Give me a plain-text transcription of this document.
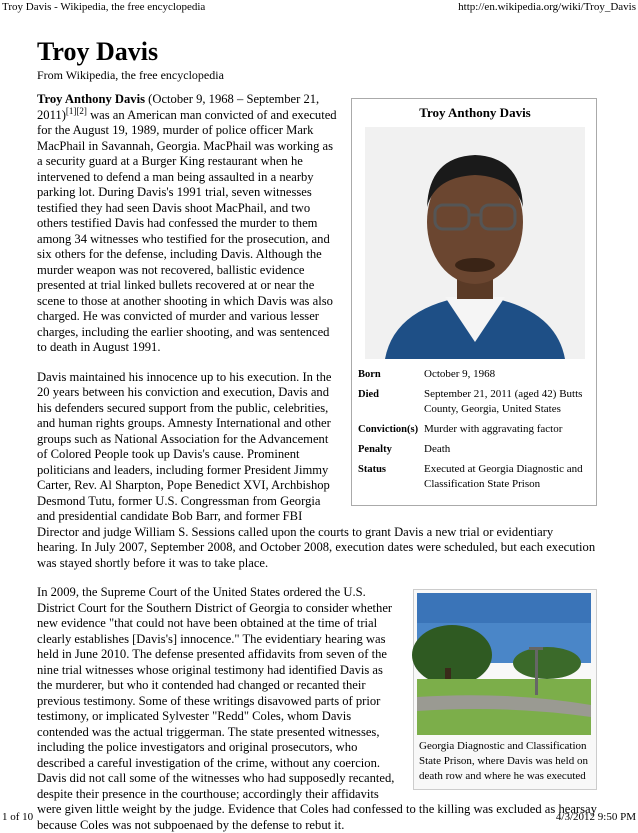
Troy Davis - Wikipedia, the free encyclopedia	http://en.wikipedia.org/wiki/Troy_Davis
Troy Davis
From Wikipedia, the free encyclopedia
Troy Anthony Davis
Born	October 9, 1968
Died	September 21, 2011 (aged 42) Butts County, Georgia, United States
Conviction(s) Murder with aggravating factor
Penalty	Death
Status	Executed at Georgia Diagnostic and Classification State Prison

Troy Anthony Davis (October 9, 1968 – September 21, 2011)[1][2] was an American man convicted of and executed for the August 19, 1989, murder of police officer Mark MacPhail in Savannah, Georgia. MacPhail was working as a security guard at a Burger King restaurant when he intervened to defend a man being assaulted in a nearby parking lot. During Davis's 1991 trial, seven witnesses testified they had seen Davis shoot MacPhail, and two others testified Davis had confessed the murder to them among 34 witnesses who testified for the prosecution, and six others for the defense, including Davis. Although the murder weapon was not recovered, ballistic evidence presented at trial linked bullets recovered at or near the scene to those at another shooting in which Davis was also charged. He was convicted of murder and various lesser charges, including the earlier shooting, and was sentenced to death in August 1991.

Davis maintained his innocence up to his execution. In the 20 years between his conviction and execution, Davis and his defenders secured support from the public, celebrities, and human rights groups. Amnesty International and other groups such as National Association for the Advancement of Colored People took up Davis's cause. Prominent politicians and leaders, including former President Jimmy Carter, Rev. Al Sharpton, Pope Benedict XVI, Archbishop Desmond Tutu, former U.S. Congressman from Georgia and presidential candidate Bob Barr, and former FBI Director and judge William S. Sessions called upon the courts to grant Davis a new trial or evidentiary hearing. In July 2007, September 2008, and October 2008, execution dates were scheduled, but each execution was stayed shortly before it was to take place.

Georgia Diagnostic and Classification State Prison, where Davis was held on death row and where he was executed

In 2009, the Supreme Court of the United States ordered the U.S. District Court for the Southern District of Georgia to consider whether new evidence "that could not have been obtained at the time of trial clearly establishes [Davis's] innocence." The evidentiary hearing was held in June 2010. The defense presented affidavits from seven of the nine trial witnesses whose original testimony had identified Davis as the murderer, but who it contended had changed or recanted their previous testimony. Some of these writings disavowed parts of prior testimony, or implicated Sylvester "Redd" Coles, whom Davis contended was the actual triggerman. The state presented witnesses, including the police investigators and original prosecutors, who described a careful investigation of the crime, without any coercion. Davis did not call some of the witnesses who had supposedly recanted, despite their presence in the courthouse; accordingly their affidavits were given little weight by the judge. Evidence that Coles had confessed to the killing was excluded as hearsay because Coles was not subpoenaed by the defense to rebut it.

1 of 10	4/3/2012 9:50 PM
